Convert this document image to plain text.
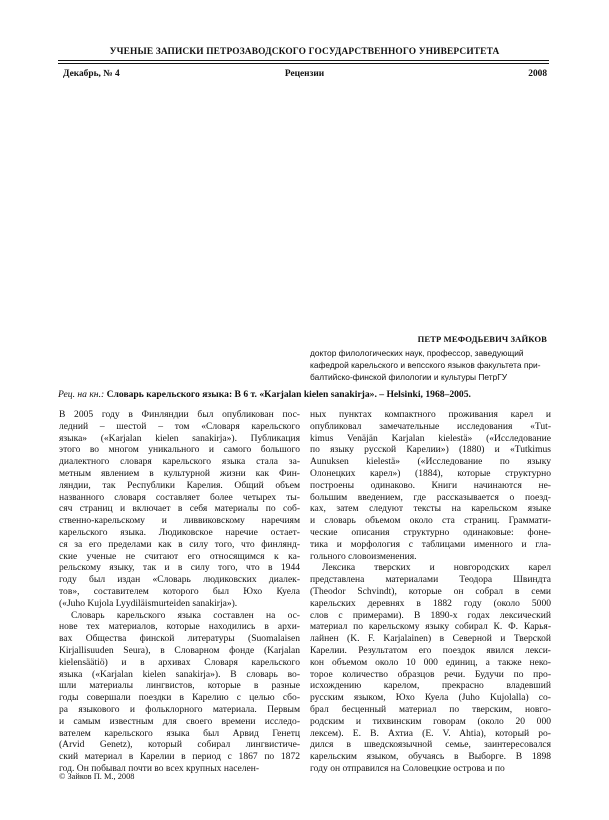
УЧЕНЫЕ ЗАПИСКИ ПЕТРОЗАВОДСКОГО ГОСУДАРСТВЕННОГО УНИВЕРСИТЕТА
Декабрь, № 4	Рецензии	2008
ПЕТР МЕФОДЬЕВИЧ ЗАЙКОВ
доктор филологических наук, профессор, заведующий
кафедрой карельского и вепсского языков факультета при-
балтийско-финской филологии и культуры ПетрГУ
Рец. на кн.: Словарь карельского языка: В 6 т. «Karjalan kielen sanakirja». – Helsinki, 1968–2005.
В 2005 году в Финляндии был опубликован пос-
ледний – шестой – том «Словаря карельского
языка» («Karjalan kielen sanakirja»). Публикация
этого во многом уникального и самого большого
диалектного словаря карельского языка стала за-
метным явлением в культурной жизни как Фин-
ляндии, так Республики Карелия. Общий объем
названного словаря составляет более четырех ты-
сяч страниц и включает в себя материалы по соб-
ственно-карельскому и ливвиковскому наречиям
карельского языка. Людиковское наречие остает-
ся за его пределами как в силу того, что финлянд-
ские ученые не считают его относящимся к ка-
рельскому языку, так и в силу того, что в 1944
году был издан «Словарь людиковских диалек-
тов», составителем которого был Юхо Куела
(«Juho Kujola Lyydiläismurteiden sanakirja»).
Словарь карельского языка составлен на ос-
нове тех материалов, которые находились в архи-
вах Общества финской литературы (Suomalaisen
Kirjallisuuden Seura), в Словарном фонде (Karjalan
kielensäätiö) и в архивах Словаря карельского
языка («Karjalan kielen sanakirja»). В словарь во-
шли материалы лингвистов, которые в разные
годы совершали поездки в Карелию с целью сбо-
ра языкового и фольклорного материала. Первым
и самым известным для своего времени исследо-
вателем карельского языка был Арвид Генетц
(Arvid Genetz), который собирал лингвистиче-
ский материал в Карелии в период с 1867 по 1872
год. Он побывал почти во всех крупных населен-
ных пунктах компактного проживания карел и
опубликовал замечательные исследования «Tut-
kimus Venäjän Karjalan kielestä» («Исследование
по языку русской Карелии») (1880) и «Tutkimus
Aunuksen kielestä» («Исследование по языку
Олонецких карел») (1884), которые структурно
построены одинаково. Книги начинаются не-
большим введением, где рассказывается о поезд-
ках, затем следуют тексты на карельском языке
и словарь объемом около ста страниц. Граммати-
ческие описания структурно одинаковые: фоне-
тика и морфология с таблицами именного и гла-
гольного словоизменения.
Лексика тверских и новгородских карел
представлена материалами Теодора Швиндта
(Theodor Schvindt), которые он собрал в семи
карельских деревнях в 1882 году (около 5000
слов с примерами). В 1890-х годах лексический
материал по карельскому языку собирал К. Ф. Карья-
лайнен (K. F. Karjalainen) в Северной и Тверской
Карелии. Результатом его поездок явился лекси-
кон объемом около 10 000 единиц, а также неко-
торое количество образцов речи. Будучи по про-
исхождению карелом, прекрасно владевший
русским языком, Юхо Куела (Juho Kujolalla) со-
брал бесценный материал по тверским, новго-
родским и тихвинским говорам (около 20 000
лексем). Е. В. Ахтиа (E. V. Ahtia), который ро-
дился в шведскоязычной семье, заинтересовался
карельским языком, обучаясь в Выборге. В 1898
году он отправился на Соловецкие острова и по
© Зайков П. М., 2008
